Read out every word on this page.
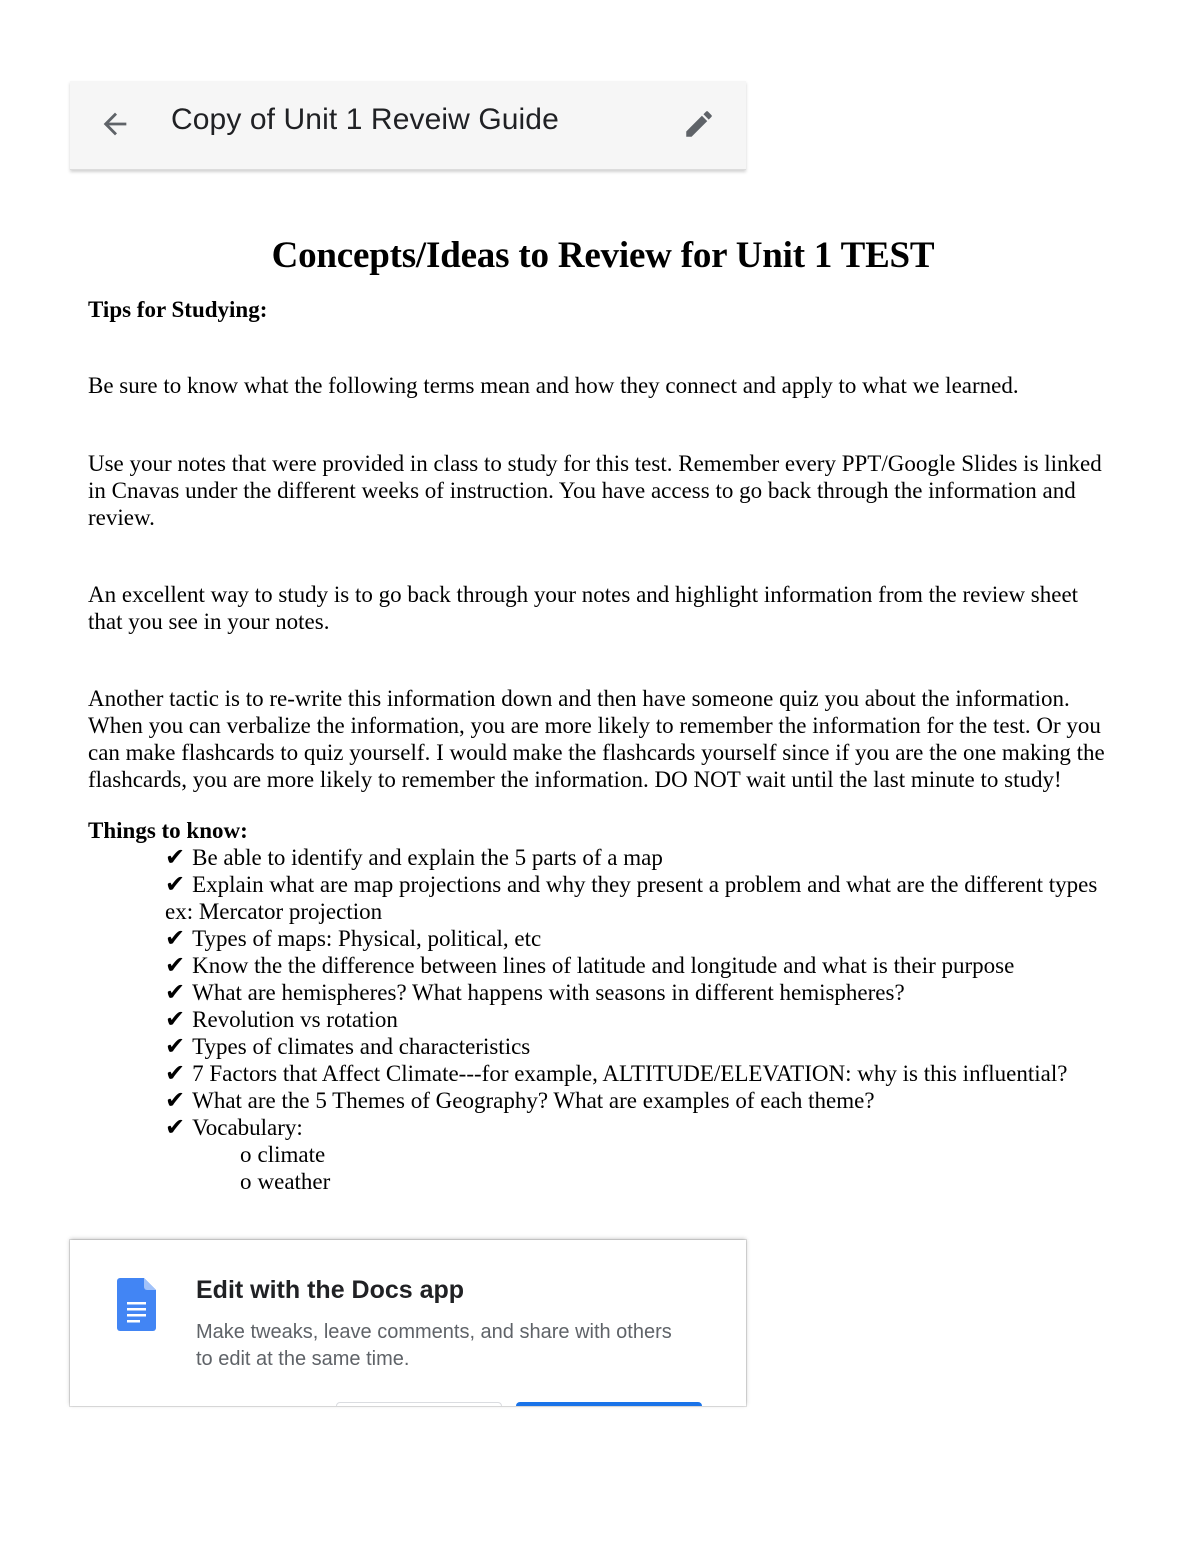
Copy of Unit 1 Reveiw Guide
Concepts/Ideas to Review for Unit 1 TEST
Tips for Studying:

Be sure to know what the following terms mean and how they connect and apply to what we learned.

Use your notes that were provided in class to study for this test. Remember every PPT/Google Slides is linked in Cnavas under the different weeks of instruction. You have access to go back through the information and review.

An excellent way to study is to go back through your notes and highlight information from the review sheet that you see in your notes.

Another tactic is to re-write this information down and then have someone quiz you about the information. When you can verbalize the information, you are more likely to remember the information for the test. Or you can make flashcards to quiz yourself. I would make the flashcards yourself since if you are the one making the flashcards, you are more likely to remember the information. DO NOT wait until the last minute to study!

Things to know:
✔ Be able to identify and explain the 5 parts of a map
✔ Explain what are map projections and why they present a problem and what are the different types ex: Mercator projection
✔ Types of maps: Physical, political, etc
✔ Know the the difference between lines of latitude and longitude and what is their purpose
✔ What are hemispheres? What happens with seasons in different hemispheres?
✔ Revolution vs rotation
✔ Types of climates and characteristics
✔ 7 Factors that Affect Climate---for example, ALTITUDE/ELEVATION: why is this influential?
✔ What are the 5 Themes of Geography? What are examples of each theme?
✔ Vocabulary:
o climate
o weather
Edit with the Docs app
Make tweaks, leave comments, and share with others to edit at the same time.
